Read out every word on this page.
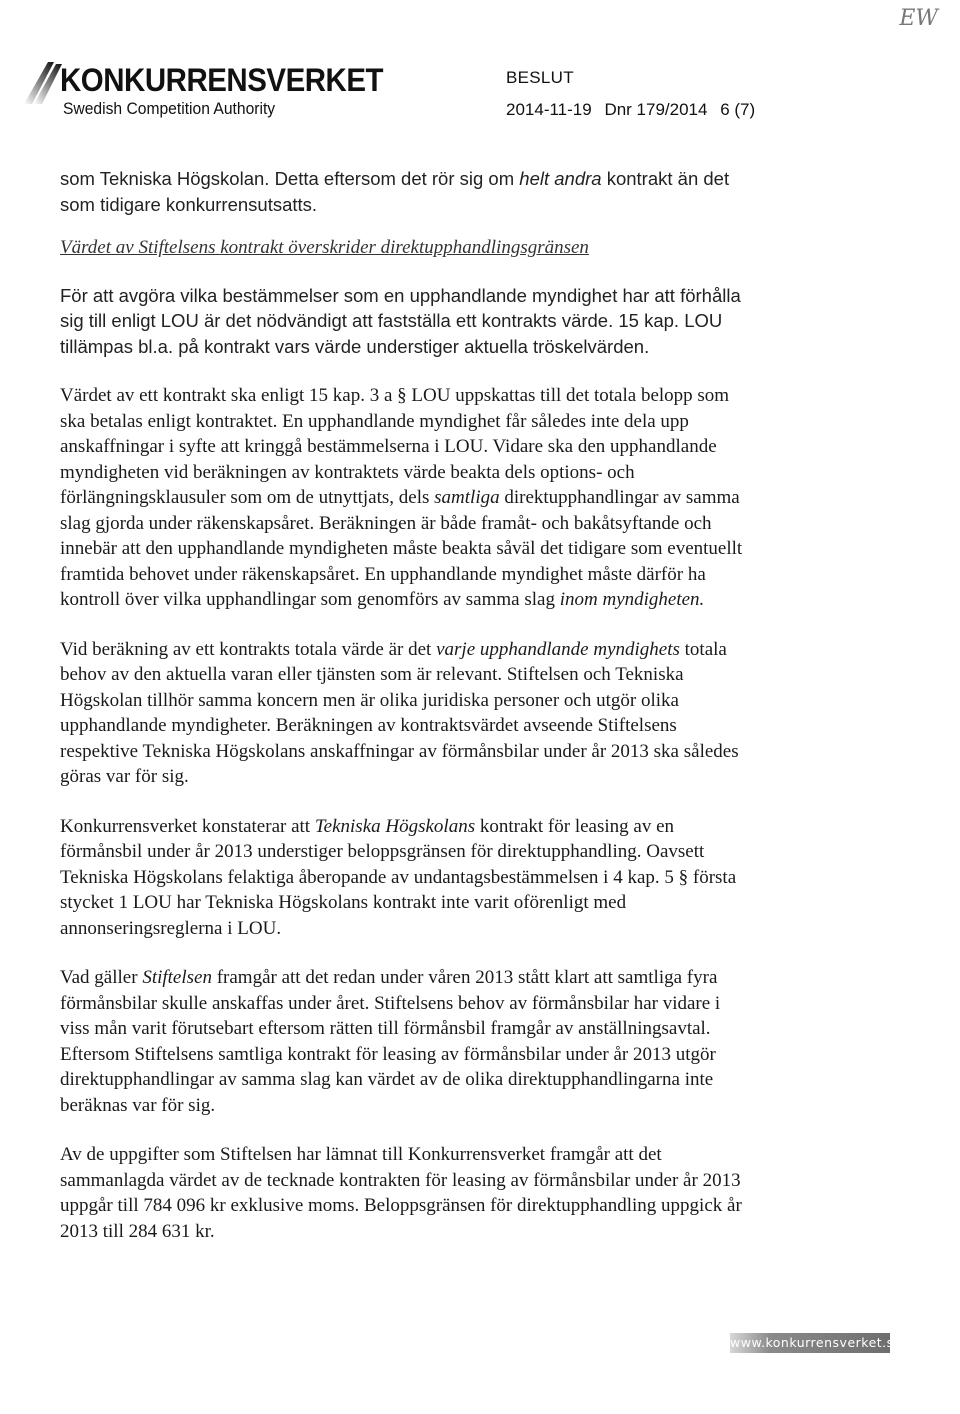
EW
KONKURRENSVERKET
Swedish Competition Authority
BESLUT
2014-11-19 Dnr 179/2014 6 (7)

som Tekniska Högskolan. Detta eftersom det rör sig om helt andra kontrakt än det som tidigare konkurrensutsatts.

Värdet av Stiftelsens kontrakt överskrider direktupphandlingsgränsen

För att avgöra vilka bestämmelser som en upphandlande myndighet har att förhålla sig till enligt LOU är det nödvändigt att fastställa ett kontrakts värde. 15 kap. LOU tillämpas bl.a. på kontrakt vars värde understiger aktuella tröskelvärden.

Värdet av ett kontrakt ska enligt 15 kap. 3 a § LOU uppskattas till det totala belopp som ska betalas enligt kontraktet. En upphandlande myndighet får således inte dela upp anskaffningar i syfte att kringgå bestämmelserna i LOU. Vidare ska den upphandlande myndigheten vid beräkningen av kontraktets värde beakta dels options- och förlängningsklausuler som om de utnyttjats, dels samtliga direktupphandlingar av samma slag gjorda under räkenskapsåret. Beräkningen är både framåt- och bakåtsyftande och innebär att den upphandlande myndigheten måste beakta såväl det tidigare som eventuellt framtida behovet under räkenskapsåret. En upphandlande myndighet måste därför ha kontroll över vilka upphandlingar som genomförs av samma slag inom myndigheten.

Vid beräkning av ett kontrakts totala värde är det varje upphandlande myndighets totala behov av den aktuella varan eller tjänsten som är relevant. Stiftelsen och Tekniska Högskolan tillhör samma koncern men är olika juridiska personer och utgör olika upphandlande myndigheter. Beräkningen av kontraktsvärdet avseende Stiftelsens respektive Tekniska Högskolans anskaffningar av förmånsbilar under år 2013 ska således göras var för sig.

Konkurrensverket konstaterar att Tekniska Högskolans kontrakt för leasing av en förmånsbil under år 2013 understiger beloppsgränsen för direktupphandling. Oavsett Tekniska Högskolans felaktiga åberopande av undantagsbestämmelsen i 4 kap. 5 § första stycket 1 LOU har Tekniska Högskolans kontrakt inte varit oförenligt med annonseringsreglerna i LOU.

Vad gäller Stiftelsen framgår att det redan under våren 2013 stått klart att samtliga fyra förmånsbilar skulle anskaffas under året. Stiftelsens behov av förmånsbilar har vidare i viss mån varit förutsebart eftersom rätten till förmånsbil framgår av anställningsavtal. Eftersom Stiftelsens samtliga kontrakt för leasing av förmånsbilar under år 2013 utgör direktupphandlingar av samma slag kan värdet av de olika direktupphandlingarna inte beräknas var för sig.

Av de uppgifter som Stiftelsen har lämnat till Konkurrensverket framgår att det sammanlagda värdet av de tecknade kontrakten för leasing av förmånsbilar under år 2013 uppgår till 784 096 kr exklusive moms. Beloppsgränsen för direktupphandling uppgick år 2013 till 284 631 kr.

www.konkurrensverket.se
